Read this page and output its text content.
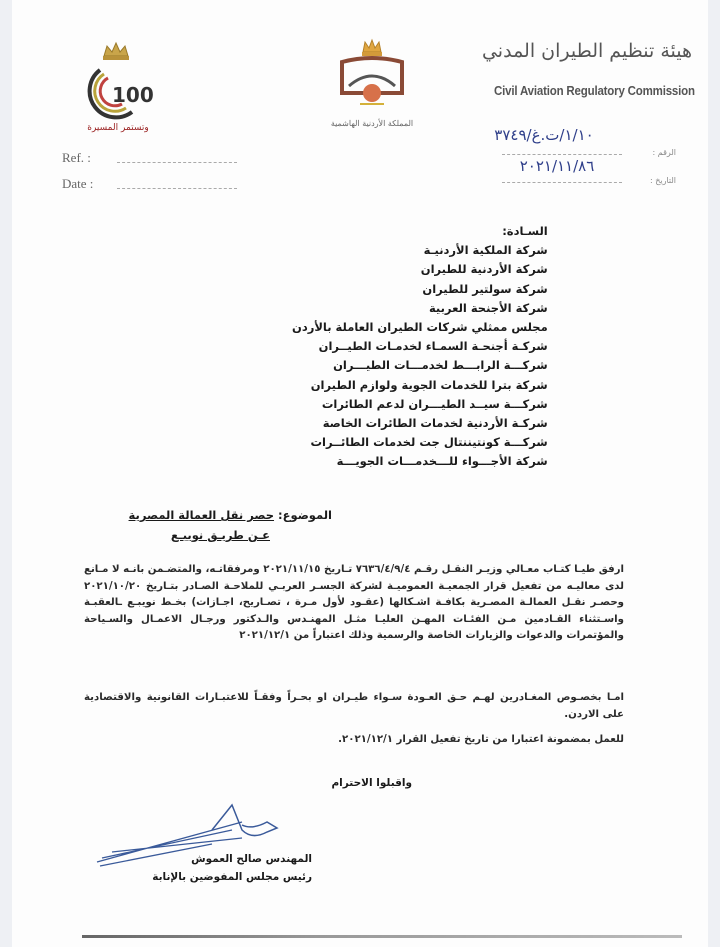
100
وتستمر المسيرة	المملكة الأردنية الهاشمية
هيئة تنظيم الطيران المدني
Civil Aviation Regulatory Commission
Ref. :
Date :
١/١٠/ت.غ/٣٧٤٩
الرقم :
٢٠٢١/١١/٨٦
التاريخ :
السـادة:
شركة الملكية الأردنيـة
شركة الأردنية للطيران
شركة سولتير للطيران
شركة الأجنحة العربية
مجلس ممثلي شركات الطيران العاملة بالأردن
شركـة أجنحـة السمـاء لخدمـات الطيــران
شركـــة الرابـــط لخدمـــات الطيـــران
شركة بترا للخدمات الجوية ولوازم الطيران
شركـــة سيــد الطيـــران لدعم الطائرات
شركـة الأردنية لخدمات الطائرات الخاصة
شركـــة كونتيننتال جت لخدمات الطائــرات
شركة الأجـــواء للـــخدمـــات الجويـــة
الموضوع: حصر نقل العمالة المصرية
عـن طريـق نويبـع
ارفق طيـا كتـاب معـالي وزيـر النقـل رقـم ٧٦٣٦/٤/٩/٤ تـاريخ ٢٠٢١/١١/١٥ ومرفقاتـه، والمتضـمن بانـه لا مـانع لدى معاليـه من تفعيل قرار الجمعيـة العموميـة لشركة الجسـر العربـي للملاحـة الصـادر بتـاريخ ٢٠٢١/١٠/٢٠ وحصـر نقـل العمالـة المصـرية بكافـة اشـكالها (عقـود لأول مـرة ، تصـاريح، اجـازات) بخـط نويبـع ـالعقبـة واسـتثناء القـادمين مـن الفئـات المهـن العليـا مثـل المهنـدس والـدكتور ورجـال الاعمـال والسـياحة والمؤتمرات والدعوات والزيارات الخاصة والرسمية وذلك اعتباراً من ٢٠٢١/١٢/١
امـا بخصـوص المغـادرين لهـم حـق العـودة سـواء طيـران او بحـراً وفقـاً للاعتبـارات القانونية والاقتصادية على الاردن.
للعمل بمضمونة اعتبارا من تاريخ تفعيل القرار ٢٠٢١/١٢/١.
واقبلوا الاحترام
المهندس صالح العموش
رئيس مجلس المفوضين بالإنابة
